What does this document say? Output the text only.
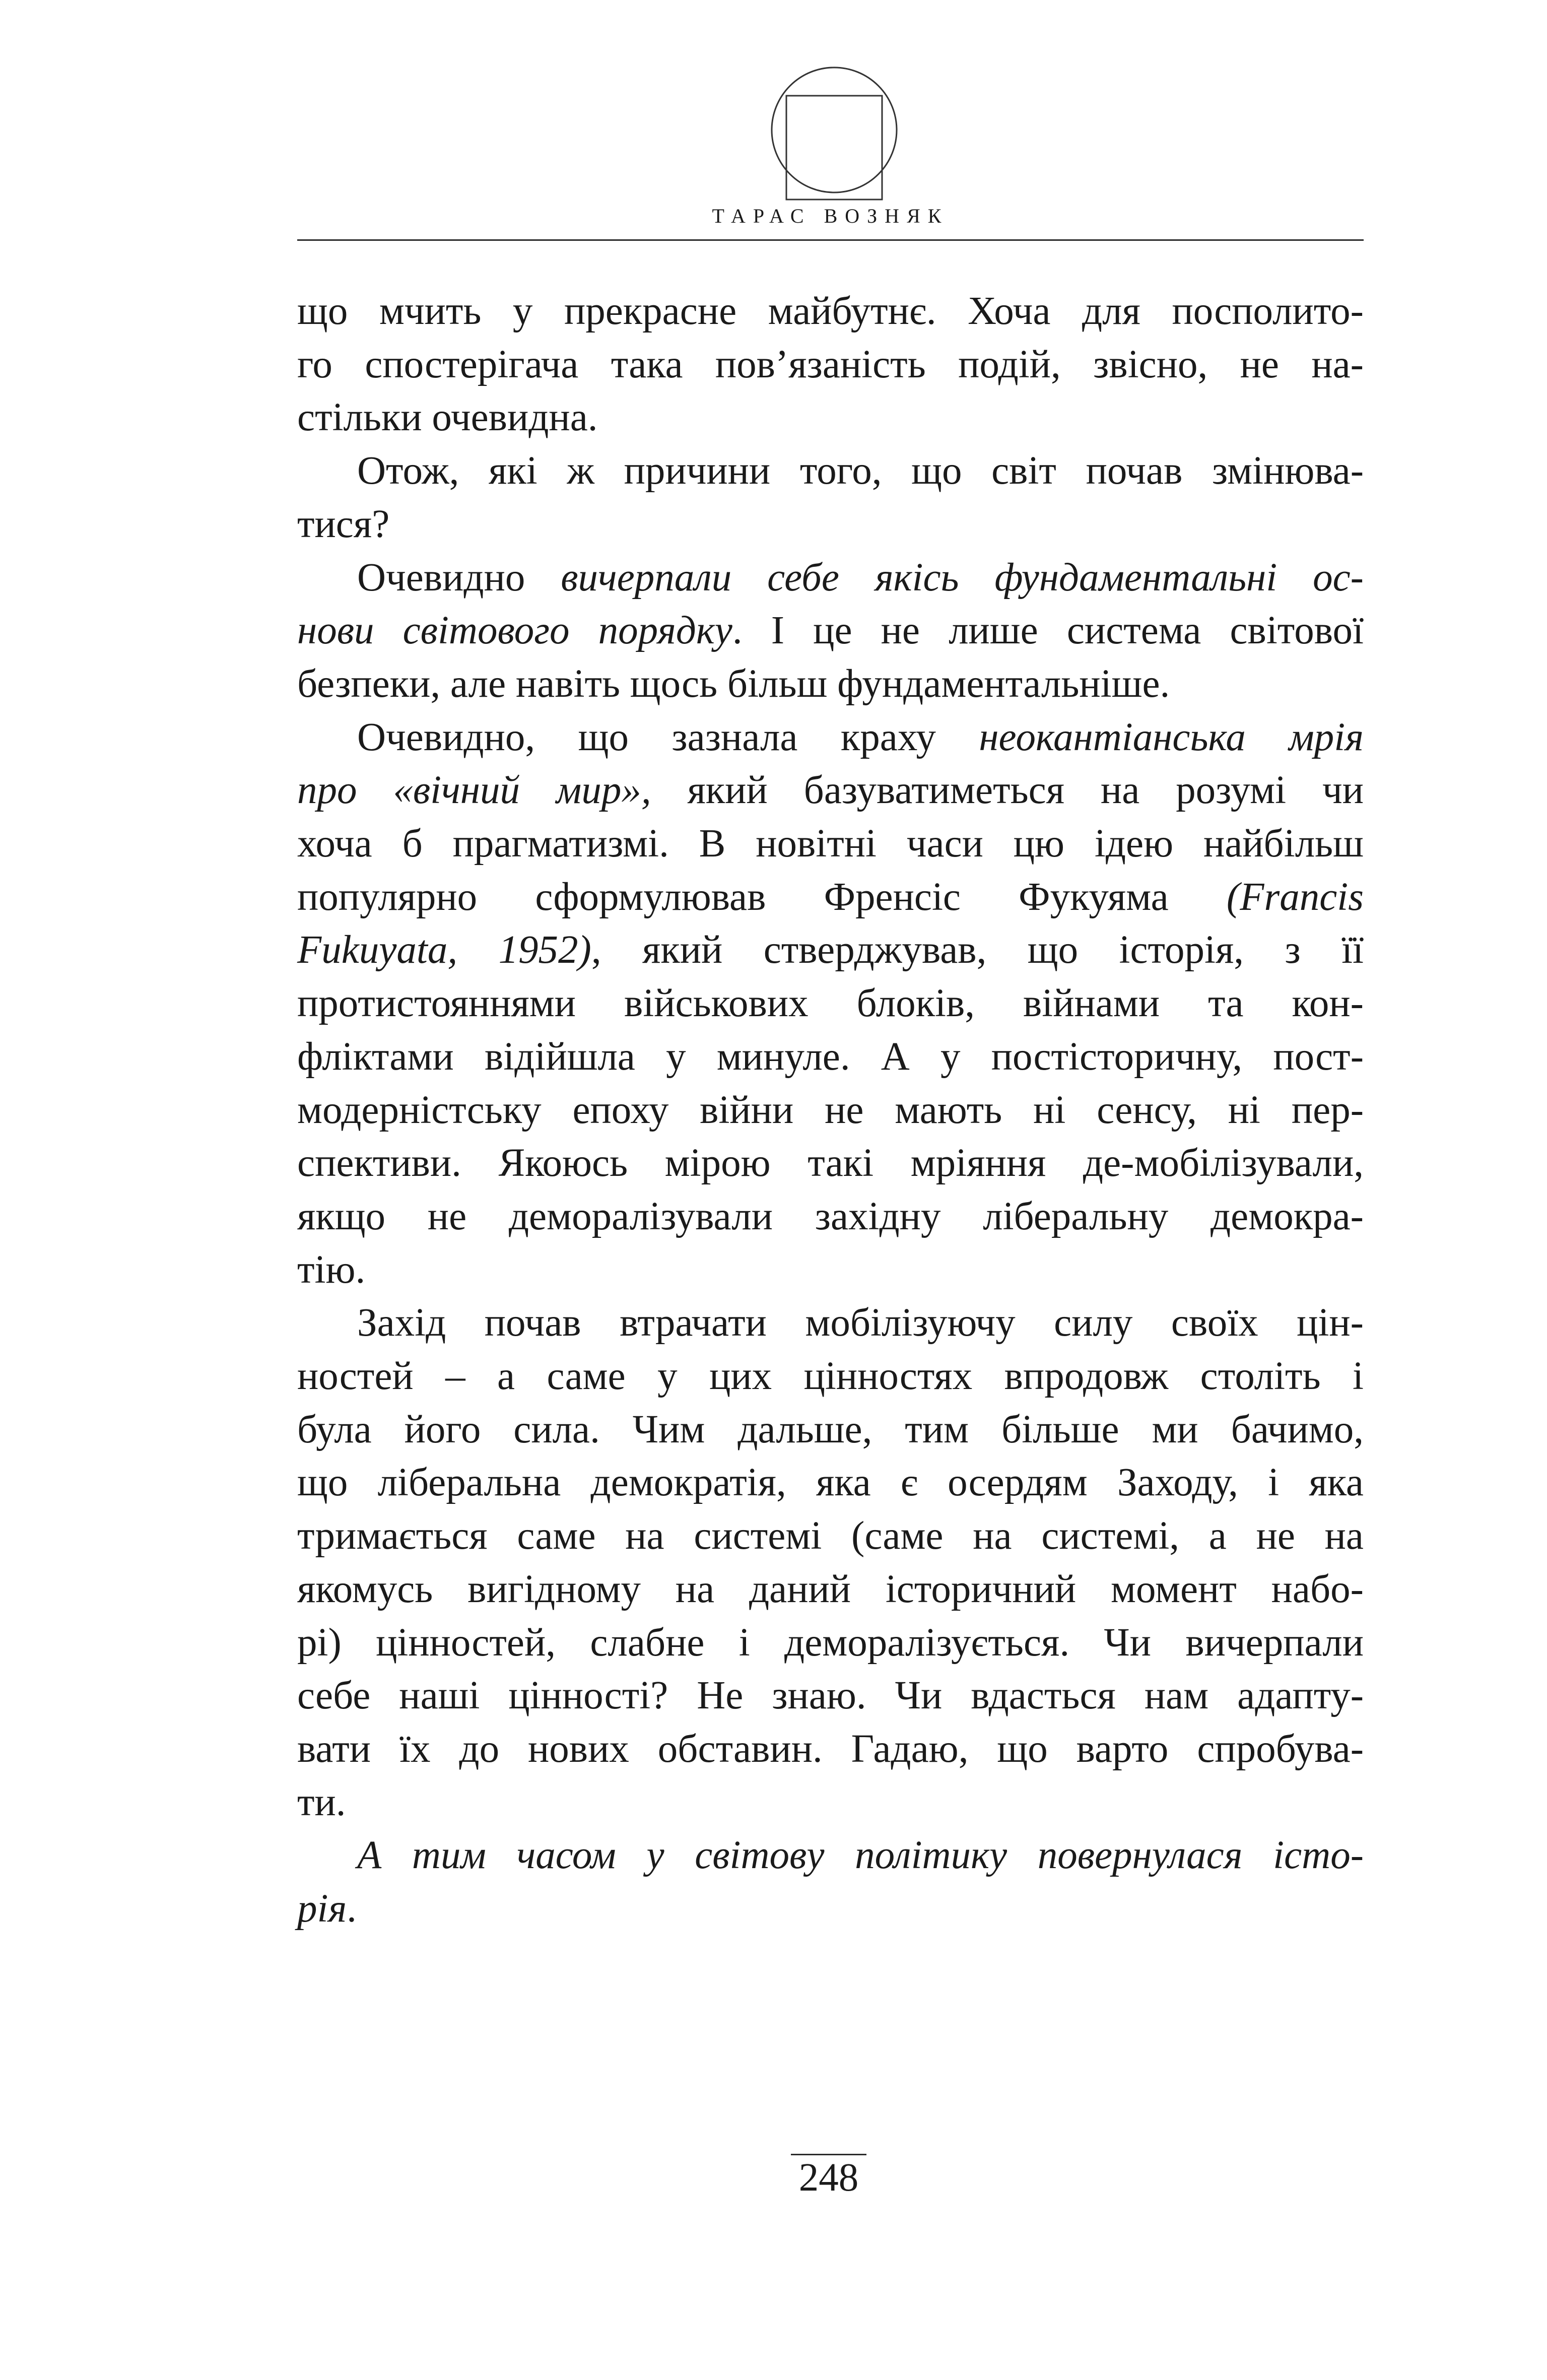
ТАРАС ВОЗНЯК

що мчить у прекрасне майбутнє. Хоча для посполито-
го спостерігача така пов’язаність подій, звісно, не на-
стільки очевидна.

Отож, які ж причини того, що світ почав змінюва-
тися?

Очевидно вичерпали себе якісь фундаментальні ос-
нови світового порядку. І це не лише система світової
безпеки, але навіть щось більш фундаментальніше.

Очевидно, що зазнала краху неокантіанська мрія
про «вічний мир», який базуватиметься на розумі чи
хоча б прагматизмі. В новітні часи цю ідею найбільш
популярно сформулював Френсіс Фукуяма (Francis
Fukuyata, 1952), який стверджував, що історія, з її
протистояннями військових блоків, війнами та кон-
фліктами відійшла у минуле. А у постісторичну, пост-
модерністську епоху війни не мають ні сенсу, ні пер-
спективи. Якоюсь мірою такі мріяння де-мобілізували,
якщо не деморалізували західну ліберальну демокра-
тію.

Захід почав втрачати мобілізуючу силу своїх цін-
ностей – а саме у цих цінностях впродовж століть і
була його сила. Чим дальше, тим більше ми бачимо,
що ліберальна демократія, яка є осердям Заходу, і яка
тримається саме на системі (саме на системі, а не на
якомусь вигідному на даний історичний момент набо-
рі) цінностей, слабне і деморалізується. Чи вичерпали
себе наші цінності? Не знаю. Чи вдасться нам адапту-
вати їх до нових обставин. Гадаю, що варто спробува-
ти.

А тим часом у світову політику повернулася істо-
рія.

248
